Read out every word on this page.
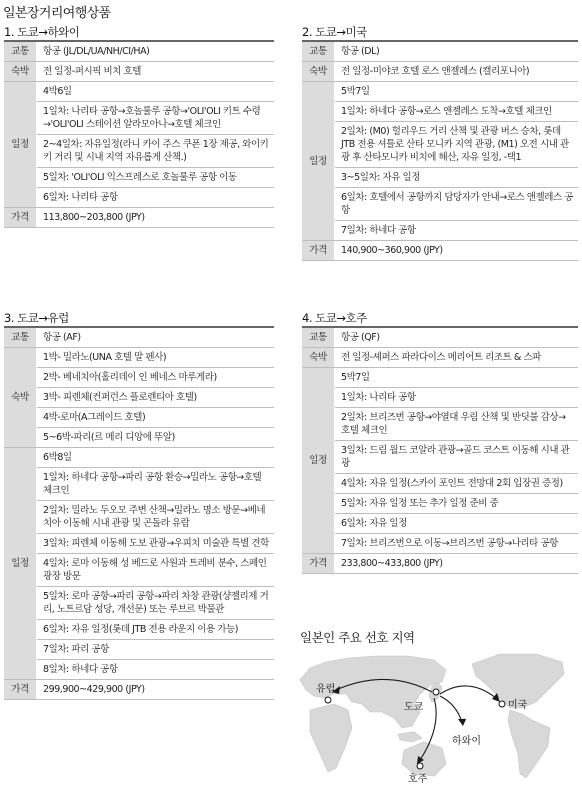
일본장거리여행상품
1. 도쿄→하와이
교통	항공 (JL/DL/UA/NH/CI/HA)
숙박	전 일정-퍼시픽 비치 호텔
일정	4박6일
	1일차: 나리타 공항→호놀룰루 공항→'OLI'OLI 키트 수령→'OLI'OLI 스테이션 알라모아나→호텔 체크인
	2~4일차: 자유일정(라니 카이 주스 쿠폰 1장 제공, 와이키키 거리 및 시내 지역 자유롭게 산책.)
	5일차: 'OLI'OLI 익스프레스로 호놀룰루 공항 이동
	6일차: 나리타 공항
가격	113,800~203,800 (JPY)
2. 도쿄→미국
교통	항공 (DL)
숙박	전 일정-미야코 호텔 로스 앤젤레스 (캘리포니아)
일정	5박7일
	1일차: 하네다 공항→로스 앤젤레스 도착→호텔 체크인
	2일차: (M0) 헐리우드 거리 산책 및 관광 버스 승차, 롯데 JTB 전용 셔틀로 산타 모니카 지역 관광, (M1) 오전 시내 관광 후 산타모니카 비치에 해산, 자유 일정, -택1
	3~5일차: 자유 일정
	6일차: 호텔에서 공항까지 담당자가 안내→로스 앤젤레스 공항
	7일차: 하네다 공항
가격	140,900~360,900 (JPY)
3. 도쿄→유럽
교통	항공 (AF)
숙박	1박- 밀라노(UNA 호텔 말 펜사)
	2박- 베네치아(홀리데이 인 베네스 마루게라)
	3박- 피렌체(컨퍼런스 플로렌티아 호텔)
	4박-로마(A그레이드 호텔)
	5~6박-파리(르 메리 디앙에 뚜알)
일정	6박8일
	1일차: 하네다 공항→파리 공항 환승→밀라노 공항→호텔 체크인
	2일차: 밀라노 두오모 주변 산책→밀라노 명소 방문→베네치아 이동해 시내 관광 및 곤돌라 유람
	3일차: 피렌체 이동해 도보 관광→우피치 미술관 특별 견학
	4일차: 로마 이동해 성 베드로 사원과 트레비 분수, 스페인 광장 방문
	5일차: 로마 공항→파리 공항→파리 차창 관광(샹젤리제 거리, 노트르담 성당, 개선문) 또는 루브르 박물관
	6일차: 자유 일정(롯데 JTB 전용 라운지 이용 가능)
	7일차: 파리 공항
	8일차: 하네다 공항
가격	299,900~429,900 (JPY)
4. 도쿄→호주
교통	항공 (QF)
숙박	전 일정-셰퍼스 파라다이스 메리어트 리조트 & 스파
일정	5박7일
	1일차: 나리타 공항
	2일차: 브리즈번 공항→야열대 우림 산책 및 반딧불 감상→호텔 체크인
	3일차: 드림 월드 코알라 관광→골드 코스트 이동해 시내 관광
	4일차: 자유 일정(스카이 포인트 전망대 2회 입장권 증정)
	5일차: 자유 일정 또는 추가 일정 준비 중
	6일차: 자유 일정
	7일차: 브리즈번으로 이동→브리즈번 공항→나리타 공항
가격	233,800~433,800 (JPY)
일본인 주요 선호 지역
유럽
도쿄	미국
하와이
호주
